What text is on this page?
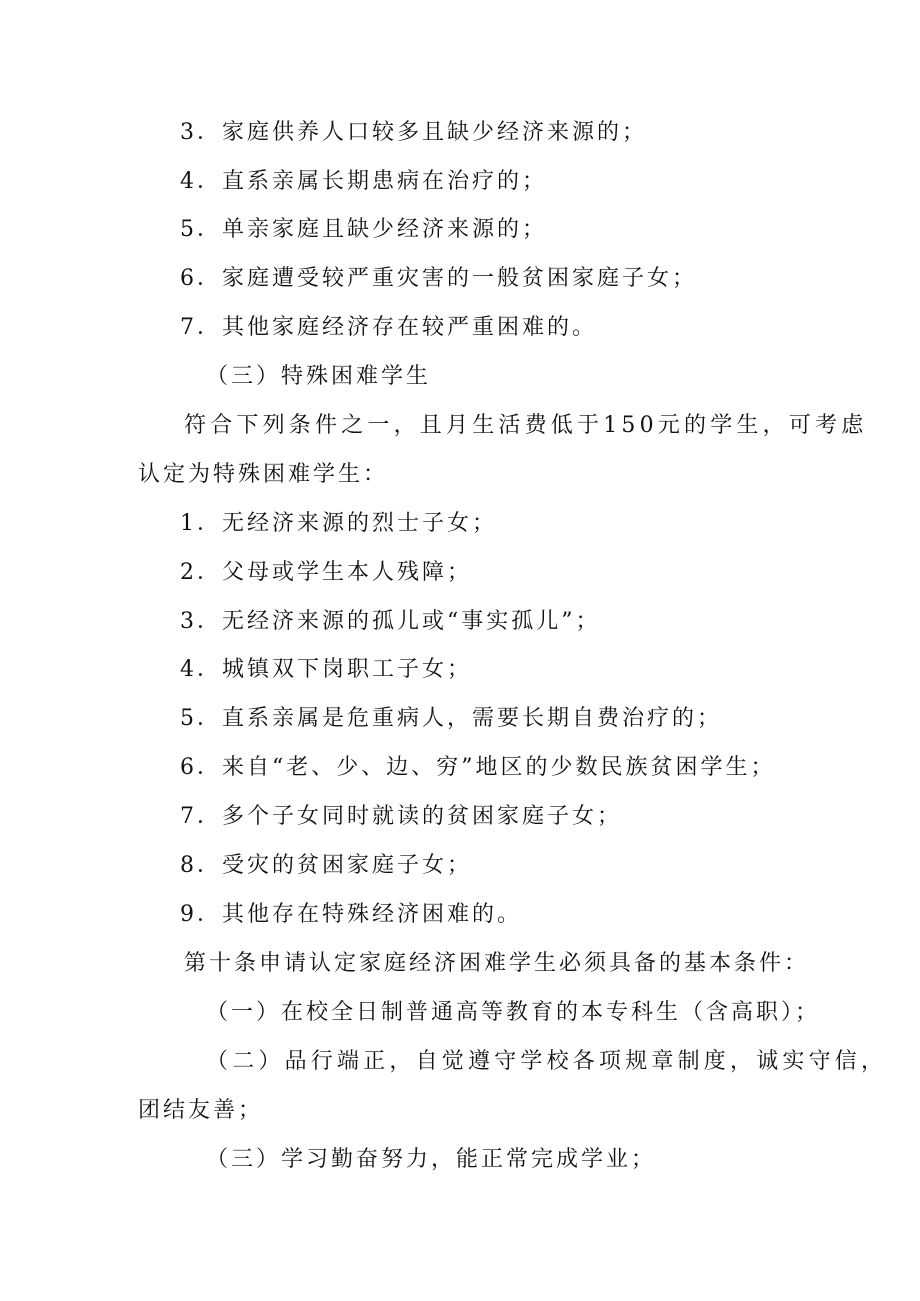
3．家庭供养人口较多且缺少经济来源的；
4．直系亲属长期患病在治疗的；
5．单亲家庭且缺少经济来源的；
6．家庭遭受较严重灾害的一般贫困家庭子女；
7．其他家庭经济存在较严重困难的。
（三）特殊困难学生
符合下列条件之一，且月生活费低于150元的学生，可考虑
认定为特殊困难学生：
1．无经济来源的烈士子女；
2．父母或学生本人残障；
3．无经济来源的孤儿或“事实孤儿”；
4．城镇双下岗职工子女；
5．直系亲属是危重病人，需要长期自费治疗的；
6．来自“老、少、边、穷”地区的少数民族贫困学生；
7．多个子女同时就读的贫困家庭子女；
8．受灾的贫困家庭子女；
9．其他存在特殊经济困难的。
第十条申请认定家庭经济困难学生必须具备的基本条件：
（一）在校全日制普通高等教育的本专科生（含高职）；
（二）品行端正，自觉遵守学校各项规章制度，诚实守信，
团结友善；
（三）学习勤奋努力，能正常完成学业；
